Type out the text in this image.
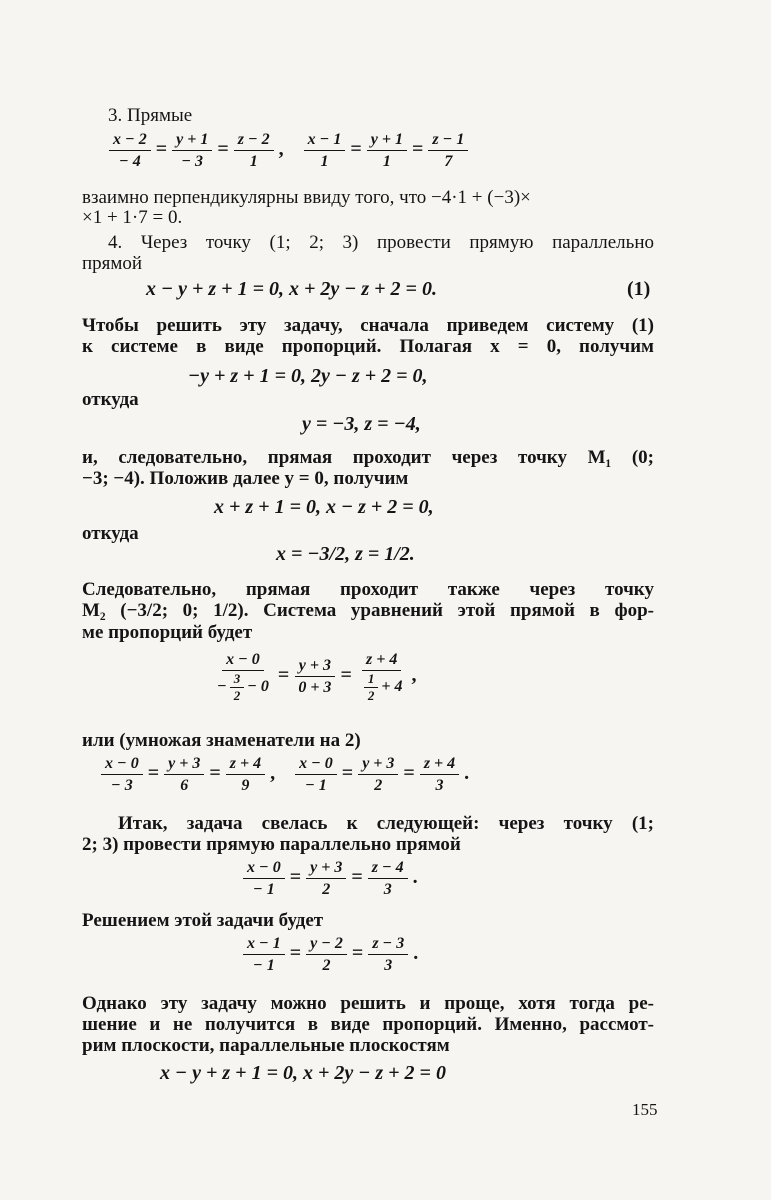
3. Прямые
$\frac{x - 2}{- 4} = \frac{y + 1}{- 3} = \frac{z - 2}{1}$ , $\frac{x - 1}{1} = \frac{y + 1}{1} = \frac{z - 1}{7}$
взаимно перпендикулярны ввиду того, что −4·1 + (−3)×
×1 + 1·7 = 0.
4. Через точку (1; 2; 3) провести прямую параллельно
прямой
x − y + z + 1 = 0, x + 2y − z + 2 = 0.	(1)
Чтобы решить эту задачу, сначала приведем систему (1)
к системе в виде пропорций. Полагая x = 0, получим
−y + z + 1 = 0, 2y − z + 2 = 0,
откуда
y = −3, z = −4,
и, следовательно, прямая проходит через точку M₁ (0;
−3; −4). Положив далее y = 0, получим
x + z + 1 = 0, x − z + 2 = 0,
откуда
x = −3/2, z = 1/2.
Следовательно, прямая проходит также через точку
M₂ (−3/2; 0; 1/2). Система уравнений этой прямой в фор-
ме пропорций будет
$\frac{x - 0}{- \frac{3}{2} - 0} = \frac{y + 3}{0 + 3} = \frac{z + 4}{\frac{1}{2} + 4}$ ,
или (умножая знаменатели на 2)
$\frac{x - 0}{- 3} = \frac{y + 3}{6} = \frac{z + 4}{9}$ , $\frac{x - 0}{- 1} = \frac{y + 3}{2} = \frac{z + 4}{3}$ .
Итак, задача свелась к следующей: через точку (1;
2; 3) провести прямую параллельно прямой
$\frac{x - 0}{- 1} = \frac{y + 3}{2} = \frac{z - 4}{3}$ .
Решением этой задачи будет
$\frac{x - 1}{- 1} = \frac{y - 2}{2} = \frac{z - 3}{3}$ .
Однако эту задачу можно решить и проще, хотя тогда ре-
шение и не получится в виде пропорций. Именно, рассмот-
рим плоскости, параллельные плоскостям
x − y + z + 1 = 0, x + 2y − z + 2 = 0
155
